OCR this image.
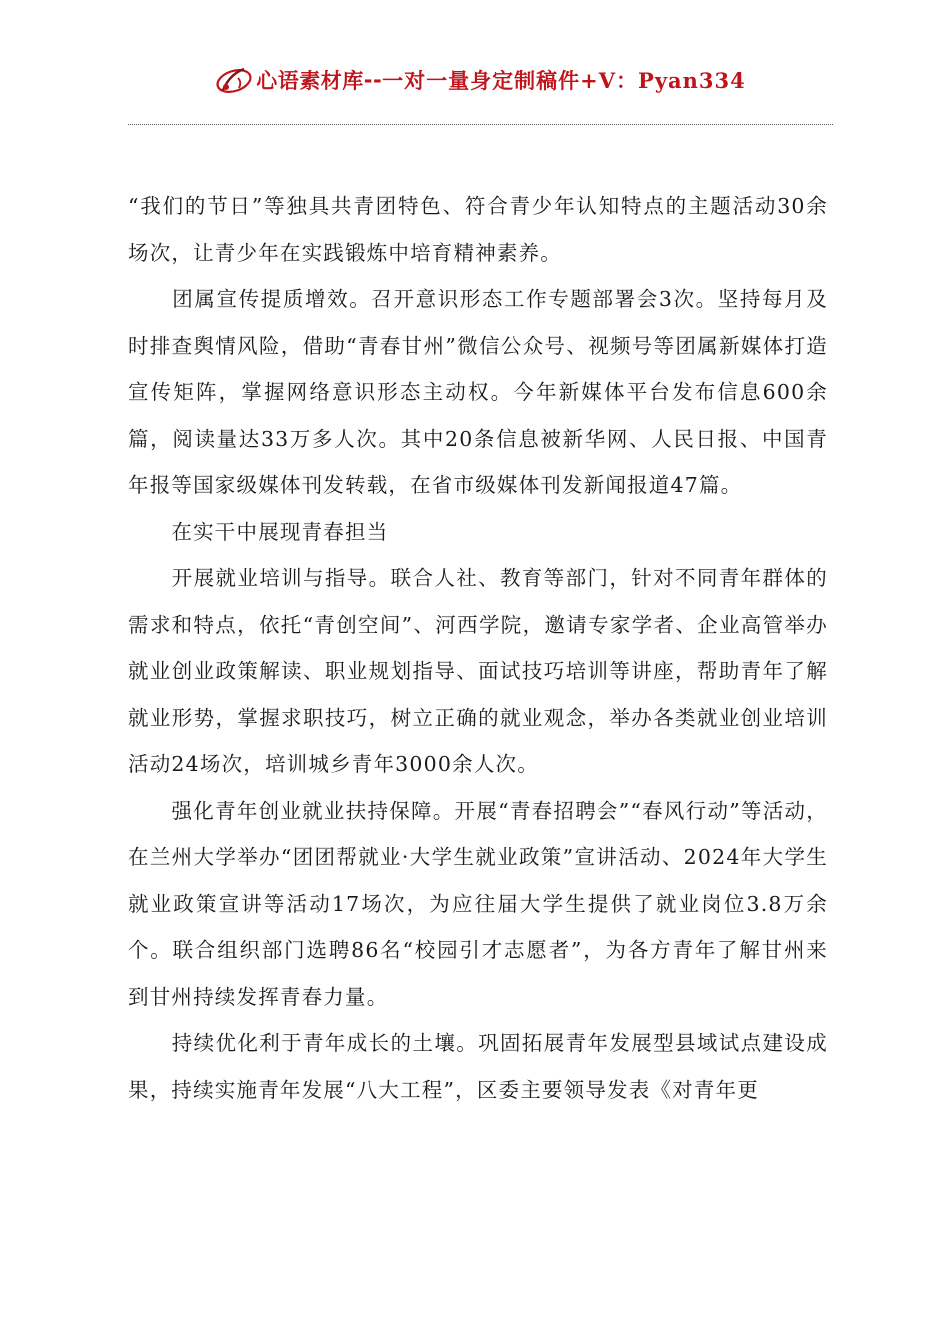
心语素材库 -- 一对一量身定制稿件+V：Pyan334

“我们的节日”等独具共青团特色、符合青少年认知特点的主题活动30余场次，让青少年在实践锻炼中培育精神素养。

　　团属宣传提质增效。召开意识形态工作专题部署会3次。坚持每月及时排查舆情风险，借助“青春甘州”微信公众号、视频号等团属新媒体打造宣传矩阵，掌握网络意识形态主动权。今年新媒体平台发布信息600余篇，阅读量达33万多人次。其中20条信息被新华网、人民日报、中国青年报等国家级媒体刊发转载，在省市级媒体刊发新闻报道47篇。

　　在实干中展现青春担当

　　开展就业培训与指导。联合人社、教育等部门，针对不同青年群体的需求和特点，依托“青创空间”、河西学院，邀请专家学者、企业高管举办就业创业政策解读、职业规划指导、面试技巧培训等讲座，帮助青年了解就业形势，掌握求职技巧，树立正确的就业观念，举办各类就业创业培训活动24场次，培训城乡青年3000余人次。

　　强化青年创业就业扶持保障。开展“青春招聘会”“春风行动”等活动，在兰州大学举办“团团帮就业·大学生就业政策”宣讲活动、2024年大学生就业政策宣讲等活动17场次，为应往届大学生提供了就业岗位3.8万余个。联合组织部门选聘86名“校园引才志愿者”，为各方青年了解甘州来到甘州持续发挥青春力量。

　　持续优化利于青年成长的土壤。巩固拓展青年发展型县域试点建设成果，持续实施青年发展“八大工程”，区委主要领导发表《对青年更
